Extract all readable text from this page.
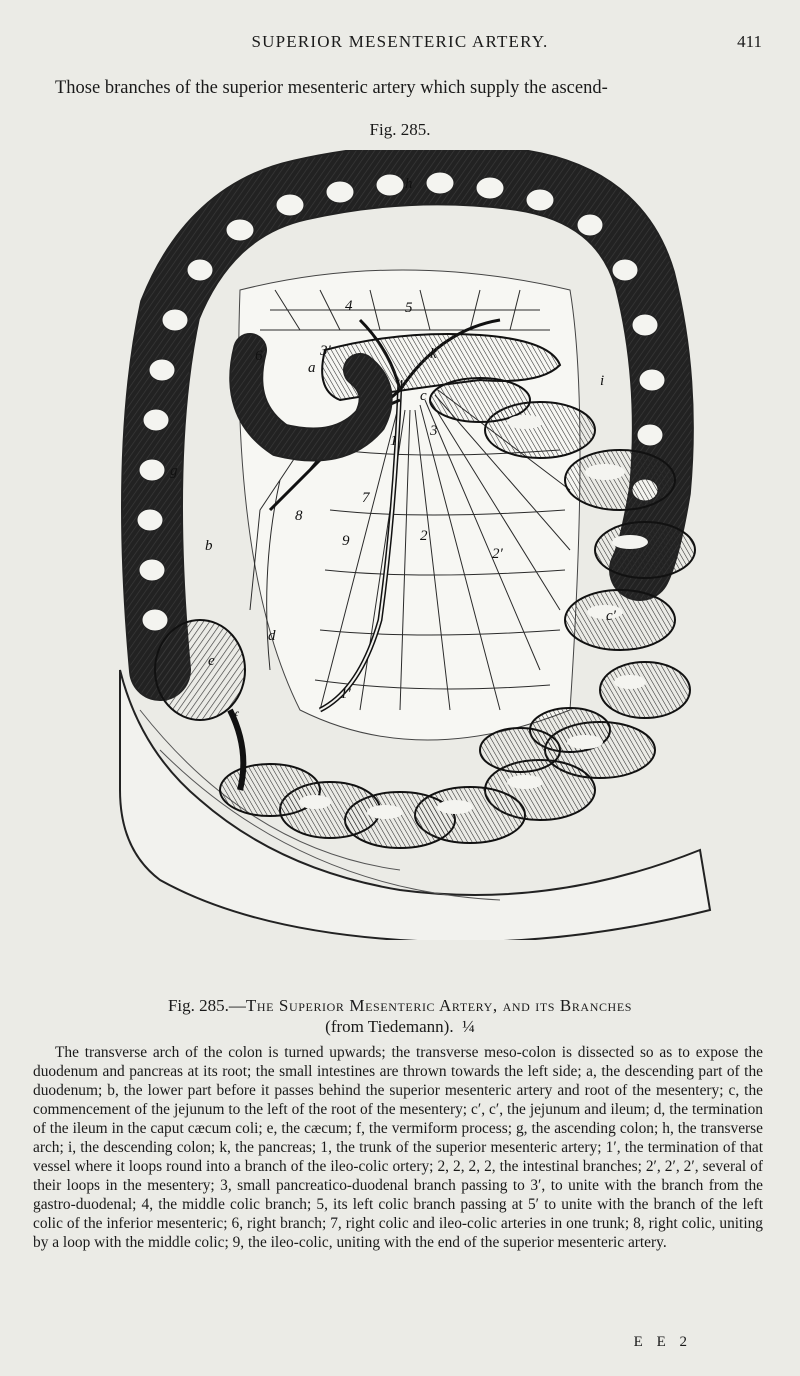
SUPERIOR MESENTERIC ARTERY.	411
Those branches of the superior mesenteric artery which supply the ascend-
Fig. 285.
h
i
c
b
a
k
d
e
f
g
c′
1
1′
2
2′
3
3′
4	5
6
7
8
9
Fig. 285.—The Superior Mesenteric Artery, and its Branches
(from Tiedemann). ¼

The transverse arch of the colon is turned upwards; the transverse meso-colon is dissected so as to expose the duodenum and pancreas at its root; the small intestines are thrown towards the left side; a, the descending part of the duodenum; b, the lower part before it passes behind the superior mesenteric artery and root of the mesentery; c, the commencement of the jejunum to the left of the root of the mesentery; c′, c′, the jejunum and ileum; d, the termination of the ileum in the caput cæcum coli; e, the cæcum; f, the vermiform process; g, the ascending colon; h, the transverse arch; i, the descending colon; k, the pancreas; 1, the trunk of the superior mesenteric artery; 1′, the termination of that vessel where it loops round into a branch of the ileo-colic ortery; 2, 2, 2, 2, the intestinal branches; 2′, 2′, 2′, several of their loops in the mesentery; 3, small pancreatico-duodenal branch passing to 3′, to unite with the branch from the gastro-duodenal; 4, the middle colic branch; 5, its left colic branch passing at 5′ to unite with the branch of the left colic of the inferior mesenteric; 6, right branch; 7, right colic and ileo-colic arteries in one trunk; 8, right colic, uniting by a loop with the middle colic; 9, the ileo-colic, uniting with the end of the superior mesenteric artery.

E E 2
